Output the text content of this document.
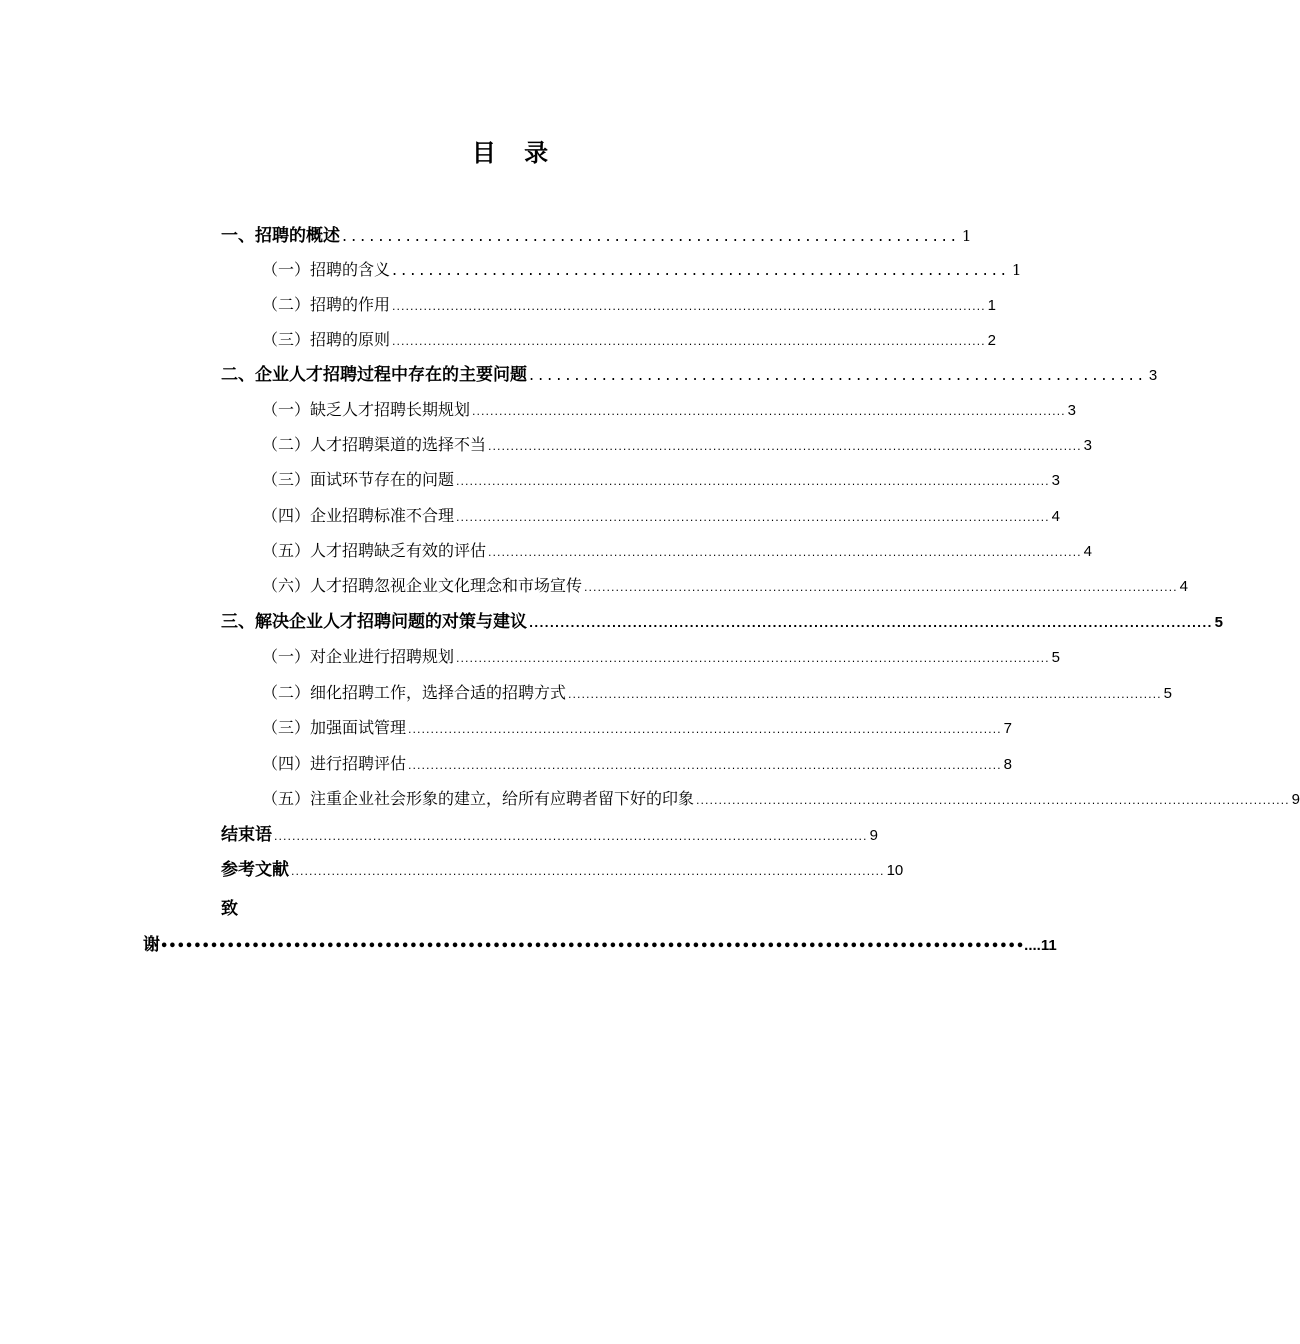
目 录
一、招聘的概述 .................................................................... 1
（一）招聘的含义 .................................................................... 1
（二）招聘的作用 .................................................................................................................................... 1
（三）招聘的原则 .................................................................................................................................... 2
二、企业人才招聘过程中存在的主要问题 .................................................................... 3
（一）缺乏人才招聘长期规划 .................................................................................................................................... 3
（二）人才招聘渠道的选择不当 .................................................................................................................................... 3
（三）面试环节存在的问题 .................................................................................................................................... 3
（四）企业招聘标准不合理 .................................................................................................................................... 4
（五）人才招聘缺乏有效的评估 .................................................................................................................................... 4
（六）人才招聘忽视企业文化理念和市场宣传 .................................................................................................................................... 4
三、解决企业人才招聘问题的对策与建议 .................................................................................................................................... 5
（一）对企业进行招聘规划 .................................................................................................................................... 5
（二）细化招聘工作，选择合适的招聘方式 .................................................................................................................................... 5
（三）加强面试管理 .................................................................................................................................... 7
（四）进行招聘评估 .................................................................................................................................... 8
（五）注重企业社会形象的建立，给所有应聘者留下好的印象 .................................................................................................................................... 9
结束语 .................................................................................................................................... 9
参考文献 .................................................................................................................................... 10
致
谢 •••••••••••••••••••••••••••••••••••••••••••••••••••••••••••••••••••••••••••••••••••••••••••••••••••••••• ....11
